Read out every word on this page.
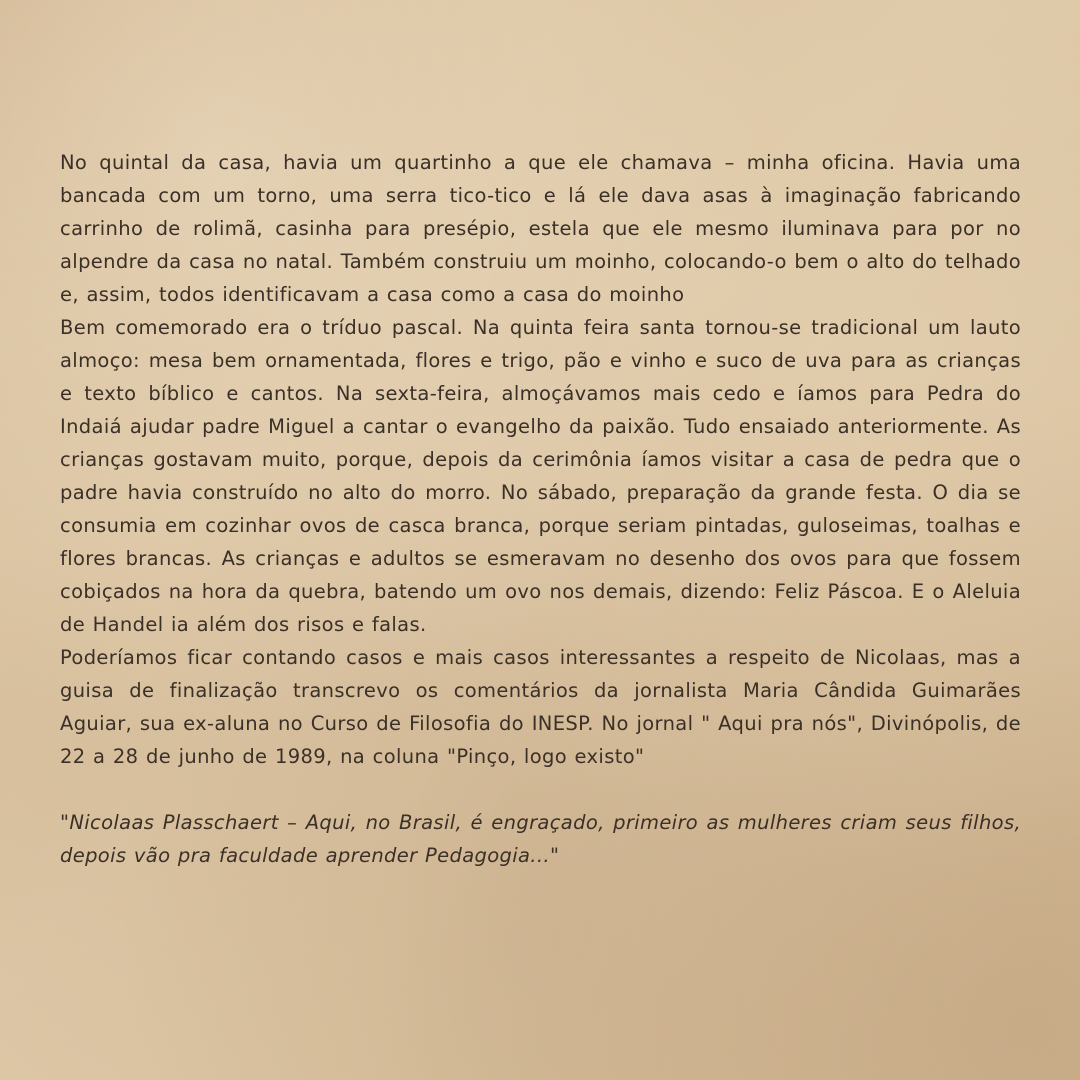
No quintal da casa, havia um quartinho a que ele chamava – minha oficina. Havia uma bancada com um torno, uma serra tico-tico e lá ele dava asas à imaginação fabricando carrinho de rolimã, casinha para presépio, estela que ele mesmo iluminava para por no alpendre da casa no natal. Também construiu um moinho, colocando-o bem o alto do telhado e, assim, todos identificavam a casa como a casa do moinho

Bem comemorado era o tríduo pascal. Na quinta feira santa tornou-se tradicional um lauto almoço: mesa bem ornamentada, flores e trigo, pão e vinho e suco de uva para as crianças e texto bíblico e cantos. Na sexta-feira, almoçávamos mais cedo e íamos para Pedra do Indaiá ajudar padre Miguel a cantar o evangelho da paixão. Tudo ensaiado anteriormente. As crianças gostavam muito, porque, depois da cerimônia íamos visitar a casa de pedra que o padre havia construído no alto do morro. No sábado, preparação da grande festa. O dia se consumia em cozinhar ovos de casca branca, porque seriam pintadas, guloseimas, toalhas e flores brancas. As crianças e adultos se esmeravam no desenho dos ovos para que fossem cobiçados na hora da quebra, batendo um ovo nos demais, dizendo: Feliz Páscoa. E o Aleluia de Handel ia além dos risos e falas.

Poderíamos ficar contando casos e mais casos interessantes a respeito de Nicolaas, mas a guisa de finalização transcrevo os comentários da jornalista Maria Cândida Guimarães Aguiar, sua ex-aluna no Curso de Filosofia do INESP. No jornal " Aqui pra nós", Divinópolis, de 22 a 28 de junho de 1989, na coluna "Pinço, logo existo"

"Nicolaas Plasschaert – Aqui, no Brasil, é engraçado, primeiro as mulheres criam seus filhos, depois vão pra faculdade aprender Pedagogia..."
